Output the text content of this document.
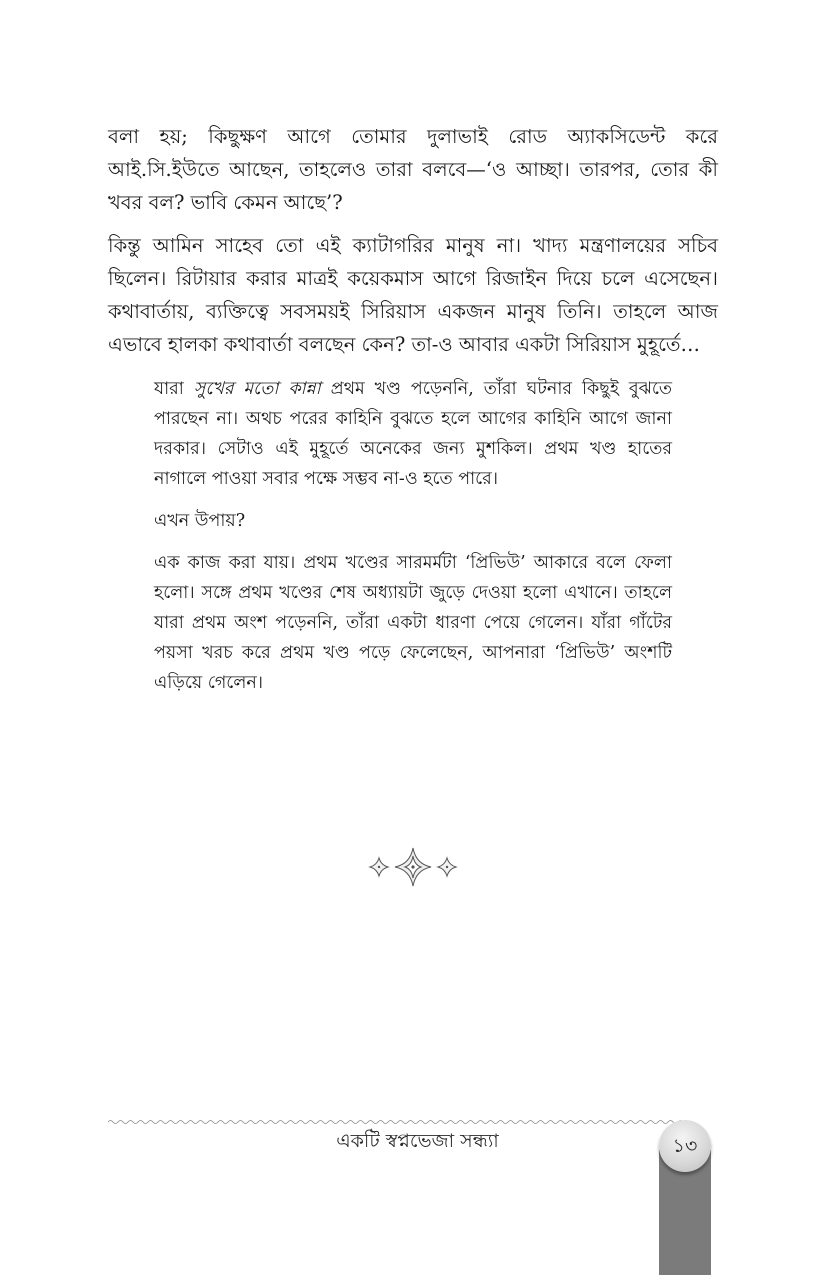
বলা হয়; কিছুক্ষণ আগে তোমার দুলাভাই রোড অ্যাকসিডেন্ট করে আই.সি.ইউতে আছেন, তাহলেও তারা বলবে—‘ও আচ্ছা। তারপর, তোর কী খবর বল? ভাবি কেমন আছে’?

কিন্তু আমিন সাহেব তো এই ক্যাটাগরির মানুষ না। খাদ্য মন্ত্রণালয়ের সচিব ছিলেন। রিটায়ার করার মাত্রই কয়েকমাস আগে রিজাইন দিয়ে চলে এসেছেন। কথাবার্তায়, ব্যক্তিত্বে সবসময়ই সিরিয়াস একজন মানুষ তিনি। তাহলে আজ এভাবে হালকা কথাবার্তা বলছেন কেন? তা-ও আবার একটা সিরিয়াস মুহূর্তে…

যারা সুখের মতো কান্না প্রথম খণ্ড পড়েননি, তাঁরা ঘটনার কিছুই বুঝতে পারছেন না। অথচ পরের কাহিনি বুঝতে হলে আগের কাহিনি আগে জানা দরকার। সেটাও এই মুহূর্তে অনেকের জন্য মুশকিল। প্রথম খণ্ড হাতের নাগালে পাওয়া সবার পক্ষে সম্ভব না-ও হতে পারে।

এখন উপায়?

এক কাজ করা যায়। প্রথম খণ্ডের সারমর্মটা ‘প্রিভিউ’ আকারে বলে ফেলা হলো। সঙ্গে প্রথম খণ্ডের শেষ অধ্যায়টা জুড়ে দেওয়া হলো এখানে। তাহলে যারা প্রথম অংশ পড়েননি, তাঁরা একটা ধারণা পেয়ে গেলেন। যাঁরা গাঁটের পয়সা খরচ করে প্রথম খণ্ড পড়ে ফেলেছেন, আপনারা ‘প্রিভিউ’ অংশটি এড়িয়ে গেলেন।

একটি স্বপ্নভেজা সন্ধ্যা	১৩
